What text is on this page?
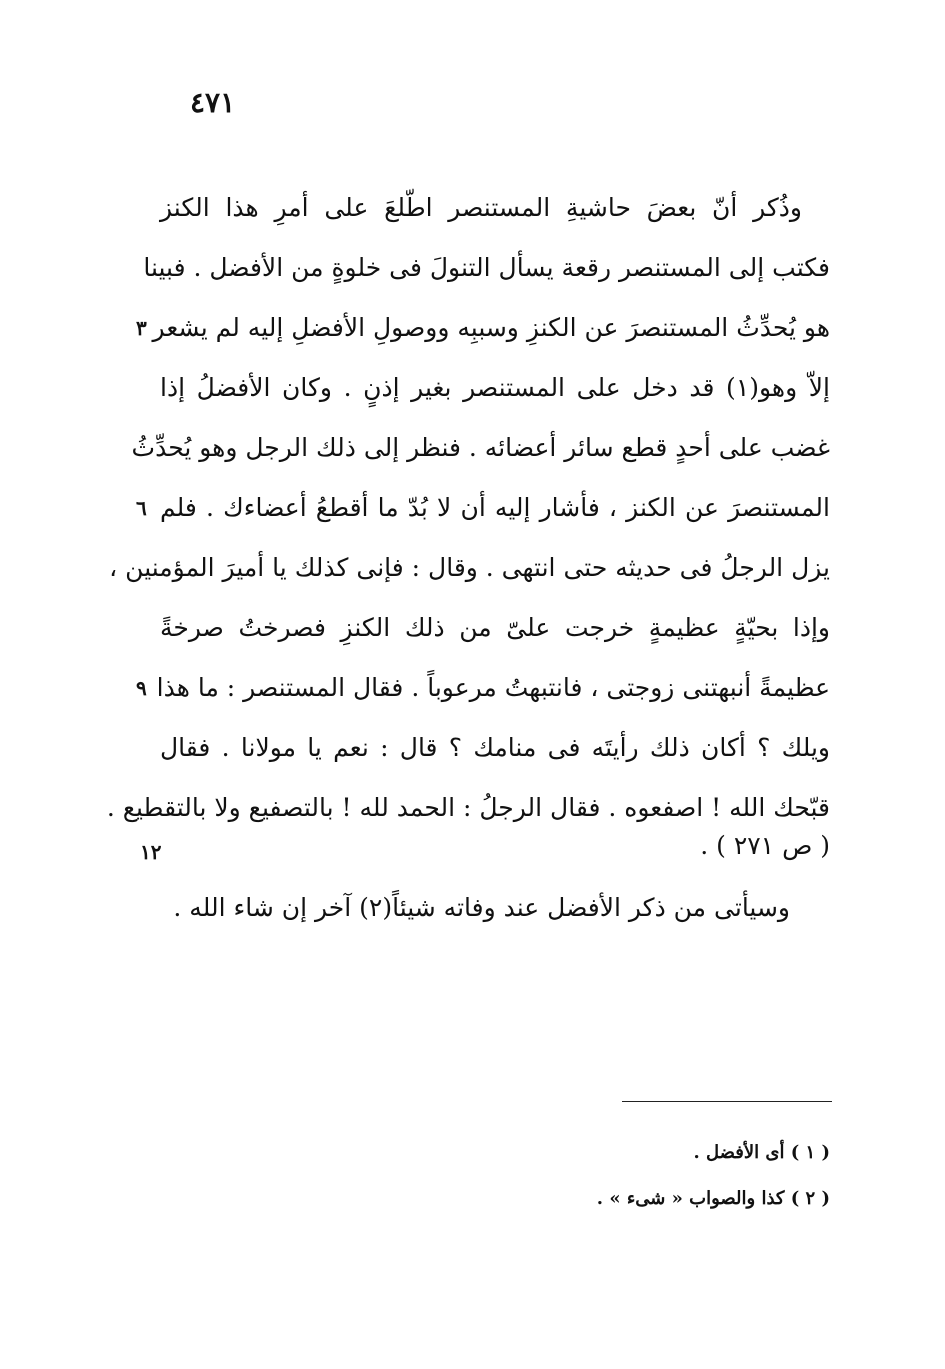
٤٧١
وذُكر أنّ بعضَ حاشيةِ المستنصر اطّلعَ على أمرِ هذا الكنز
فكتب إلى المستنصر رقعة يسأل التنولَ فى خلوةٍ من الأفضل . فبينا
هو يُحدِّثُ المستنصرَ عن الكنزِ وسببِه ووصولِ الأفضلِ إليه لم يشعر
٣
إلاّ وهو(١) قد دخل على المستنصر بغير إذنٍ . وكان الأفضلُ إذا
غضب على أحدٍ قطع سائر أعضائه . فنظر إلى ذلك الرجل وهو يُحدِّثُ
المستنصرَ عن الكنز ، فأشار إليه أن لا بُدّ ما أقطعُ أعضاءك . فلم
٦
يزل الرجلُ فى حديثه حتى انتهى . وقال : فإنى كذلك يا أميرَ المؤمنين ،
وإذا بحيّةٍ عظيمةٍ خرجت علىّ من ذلك الكنزِ فصرختُ صرخةً
عظيمةً أنبهتنى زوجتى ، فانتبهتُ مرعوباً . فقال المستنصر : ما هذا
٩
ويلك ؟ أكان ذلك رأيتَه فى منامك ؟ قال : نعم يا مولانا . فقال
قبّحك الله ! اصفعوه . فقال الرجلُ : الحمد لله ! بالتصفيع ولا بالتقطيع .
( ص ٢٧١ ) .
١٢
وسيأتى من ذكر الأفضل عند وفاته شيئاً(٢) آخر إن شاء الله .
( ١ ) أى الأفضل .
( ٢ ) كذا والصواب « شىء » .
